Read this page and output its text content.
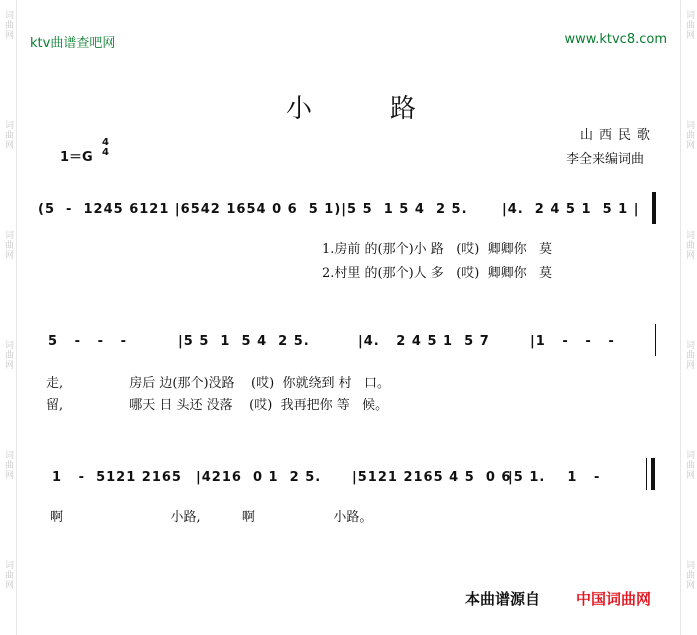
词曲网
词曲网
词曲网
词曲网
词曲网
词曲网
词曲网
词曲网
词曲网
词曲网
词曲网
词曲网
ktv曲谱查吧网	www.ktvc8.com
小路
山西民歌
李全来编词曲
1＝G
4
4
(5  -  1245 6121 |6542 1654 0 6  5 1)|5 5  1 5 4  2 5. |4.  2 4 5 1  5 1 |
1.房前 的(那个)小 路   (哎)  卿卿你   莫
2.村里 的(那个)人 多   (哎)  卿卿你   莫
5   -   -   -	|5 5  1  5 4  2 5.	|4.   2 4 5 1  5 7	|1   -   -   -
走,                房后 边(那个)没路    (哎)  你就绕到 村   口。
留,                哪天 日 头还 没落    (哎)  我再把你 等   候。
1   -  5121 2165 |4216  0 1  2 5. |5121 2165 4 5  0 6
|5 1.    1   -
啊                          小路,          啊                   小路。
本曲谱源自 中国词曲网
